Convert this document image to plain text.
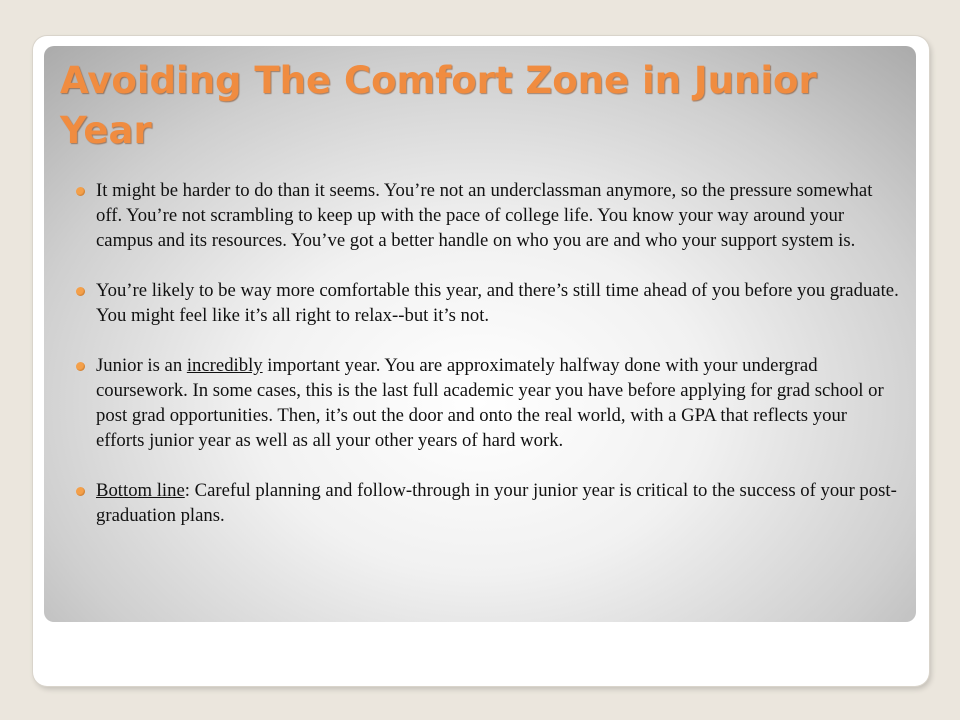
Avoiding The Comfort Zone in Junior Year
It might be harder to do than it seems. You’re not an underclassman anymore, so the pressure somewhat off. You’re not scrambling to keep up with the pace of college life. You know your way around your campus and its resources. You’ve got a better handle on who you are and who your support system is.
You’re likely to be way more comfortable this year, and there’s still time ahead of you before you graduate. You might feel like it’s all right to relax--but it’s not.
Junior is an incredibly important year. You are approximately halfway done with your undergrad coursework. In some cases, this is the last full academic year you have before applying for grad school or post grad opportunities. Then, it’s out the door and onto the real world, with a GPA that reflects your efforts junior year as well as all your other years of hard work.
Bottom line: Careful planning and follow-through in your junior year is critical to the success of your post-graduation plans.
